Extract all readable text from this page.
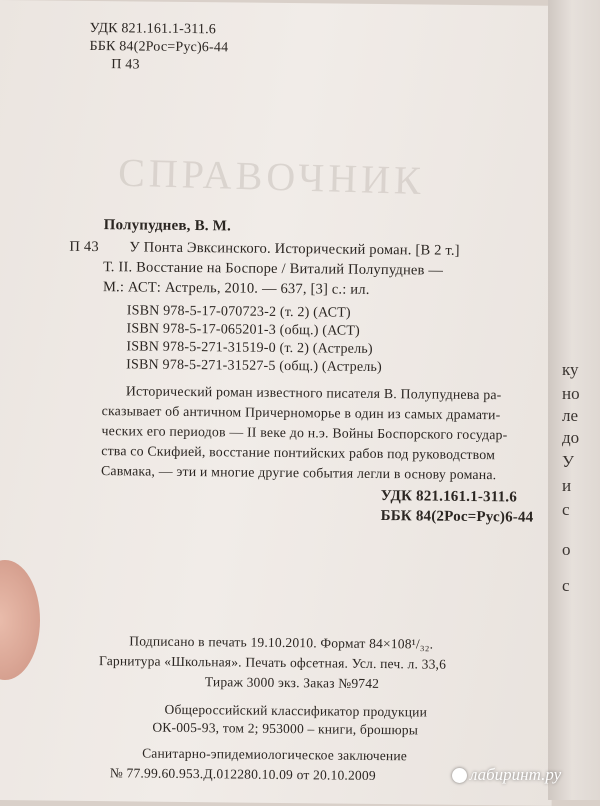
СПРАВОЧНИК
УДК 821.161.1-311.6
ББК 84(2Рос=Рус)6-44
П 43
Полупуднев, В. М.
П 43 У Понта Эвксинского. Исторический роман. [В 2 т.]
Т. II. Восстание на Боспоре / Виталий Полупуднев —
М.: АСТ: Астрель, 2010. — 637, [3] с.: ил.
ISBN 978-5-17-070723-2 (т. 2) (АСТ)
ISBN 978-5-17-065201-3 (общ.) (АСТ)
ISBN 978-5-271-31519-0 (т. 2) (Астрель)
ISBN 978-5-271-31527-5 (общ.) (Астрель)
Исторический роман известного писателя В. Полупуднева ра-
сказывает об античном Причерноморье в один из самых драмати-
ческих его периодов — II веке до н.э. Войны Боспорского государ-
ства со Скифией, восстание понтийских рабов под руководством
Савмака, — эти и многие другие события легли в основу романа.
УДК 821.161.1-311.6
ББК 84(2Рос=Рус)6-44
Подписано в печать 19.10.2010. Формат 84×108¹/₃₂.
Гарнитура «Школьная». Печать офсетная. Усл. печ. л. 33,6
Тираж 3000 экз. Заказ №9742
Общероссийский классификатор продукции
ОК-005-93, том 2; 953000 – книги, брошюры
Санитарно-эпидемиологическое заключение
№ 77.99.60.953.Д.012280.10.09 от 20.10.2009
ку
но
ле
до
У
и
с
о
с
лабиринт.ру
